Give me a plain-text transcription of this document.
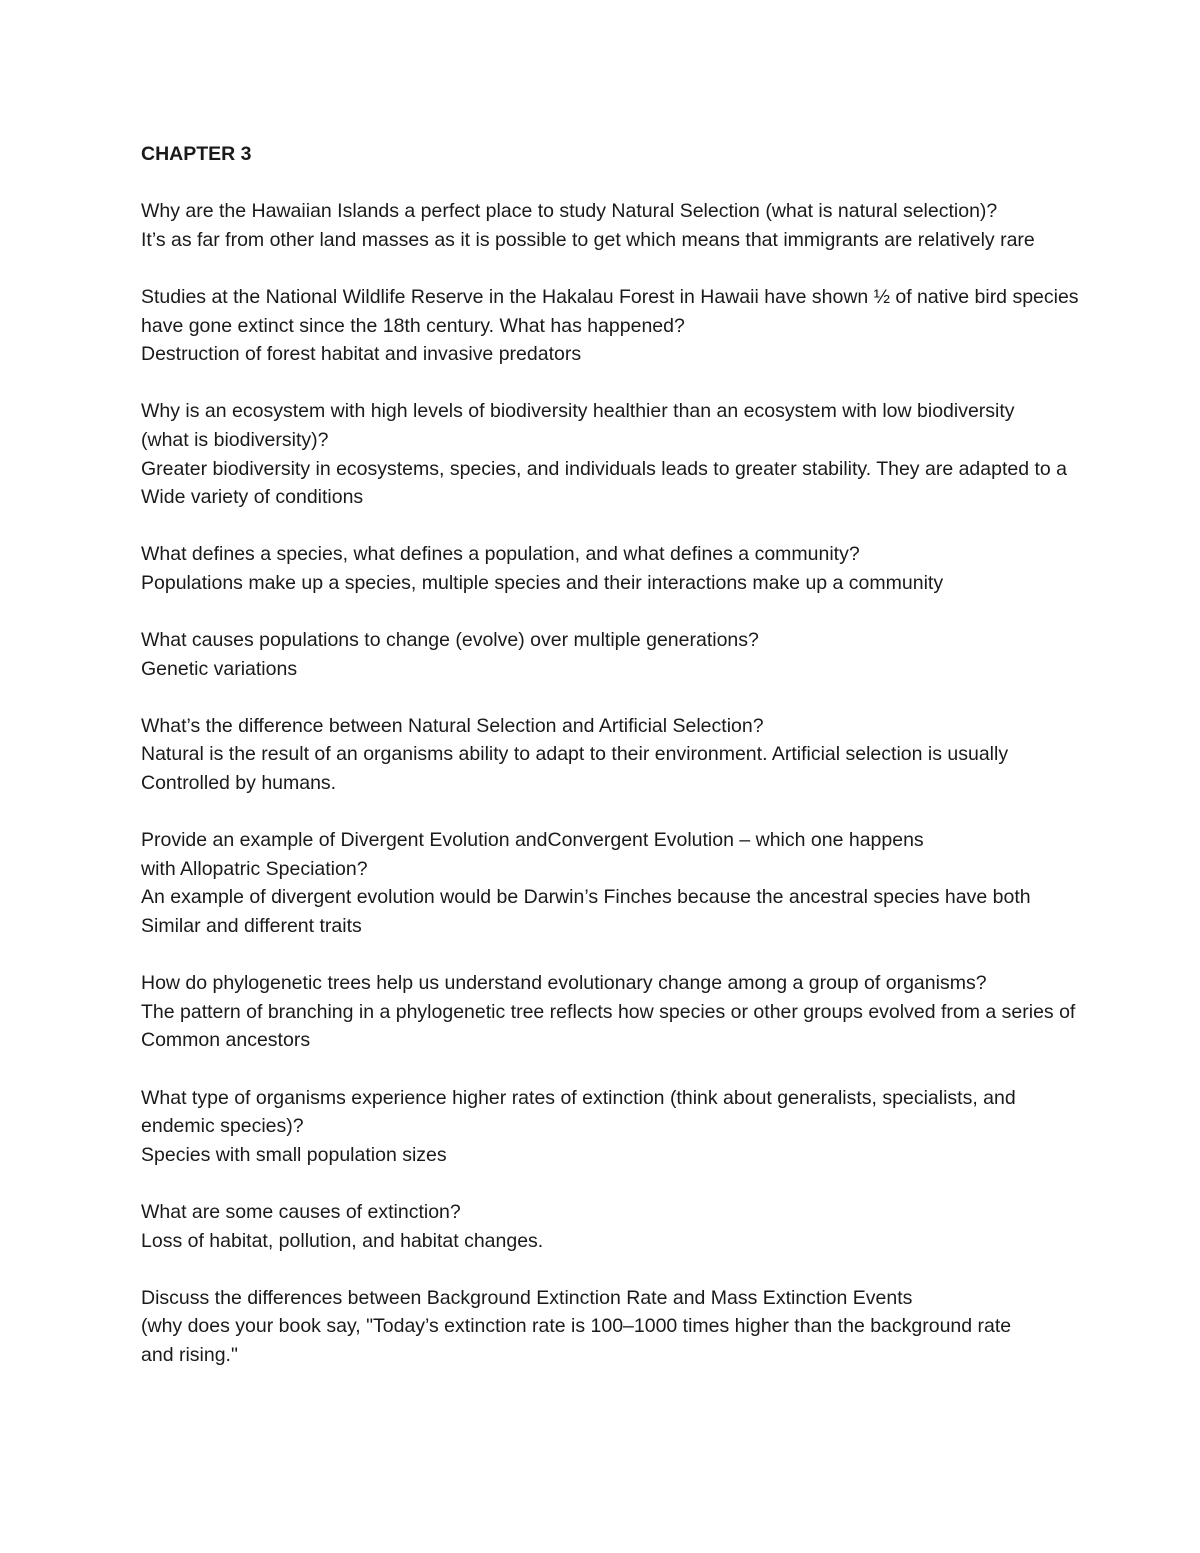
CHAPTER 3
Why are the Hawaiian Islands a perfect place to study Natural Selection (what is natural selection)?
It’s as far from other land masses as it is possible to get which means that immigrants are relatively rare
Studies at the National Wildlife Reserve in the Hakalau Forest in Hawaii have shown ½ of native bird species
have gone extinct since the 18th century. What has happened?
Destruction of forest habitat and invasive predators
Why is an ecosystem with high levels of biodiversity healthier than an ecosystem with low biodiversity
(what is biodiversity)?
Greater biodiversity in ecosystems, species, and individuals leads to greater stability. They are adapted to a
Wide variety of conditions
What defines a species, what defines a population, and what defines a community?
Populations make up a species, multiple species and their interactions make up a community
What causes populations to change (evolve) over multiple generations?
Genetic variations
What’s the difference between Natural Selection and Artificial Selection?
Natural is the result of an organisms ability to adapt to their environment. Artificial selection is usually
Controlled by humans.
Provide an example of Divergent Evolution andConvergent Evolution – which one happens
with Allopatric Speciation?
An example of divergent evolution would be Darwin’s Finches because the ancestral species have both
Similar and different traits
How do phylogenetic trees help us understand evolutionary change among a group of organisms?
The pattern of branching in a phylogenetic tree reflects how species or other groups evolved from a series of
Common ancestors
What type of organisms experience higher rates of extinction (think about generalists, specialists, and
endemic species)?
Species with small population sizes
What are some causes of extinction?
Loss of habitat, pollution, and habitat changes.
Discuss the differences between Background Extinction Rate and Mass Extinction Events
(why does your book say, "Today’s extinction rate is 100–1000 times higher than the background rate
and rising."
